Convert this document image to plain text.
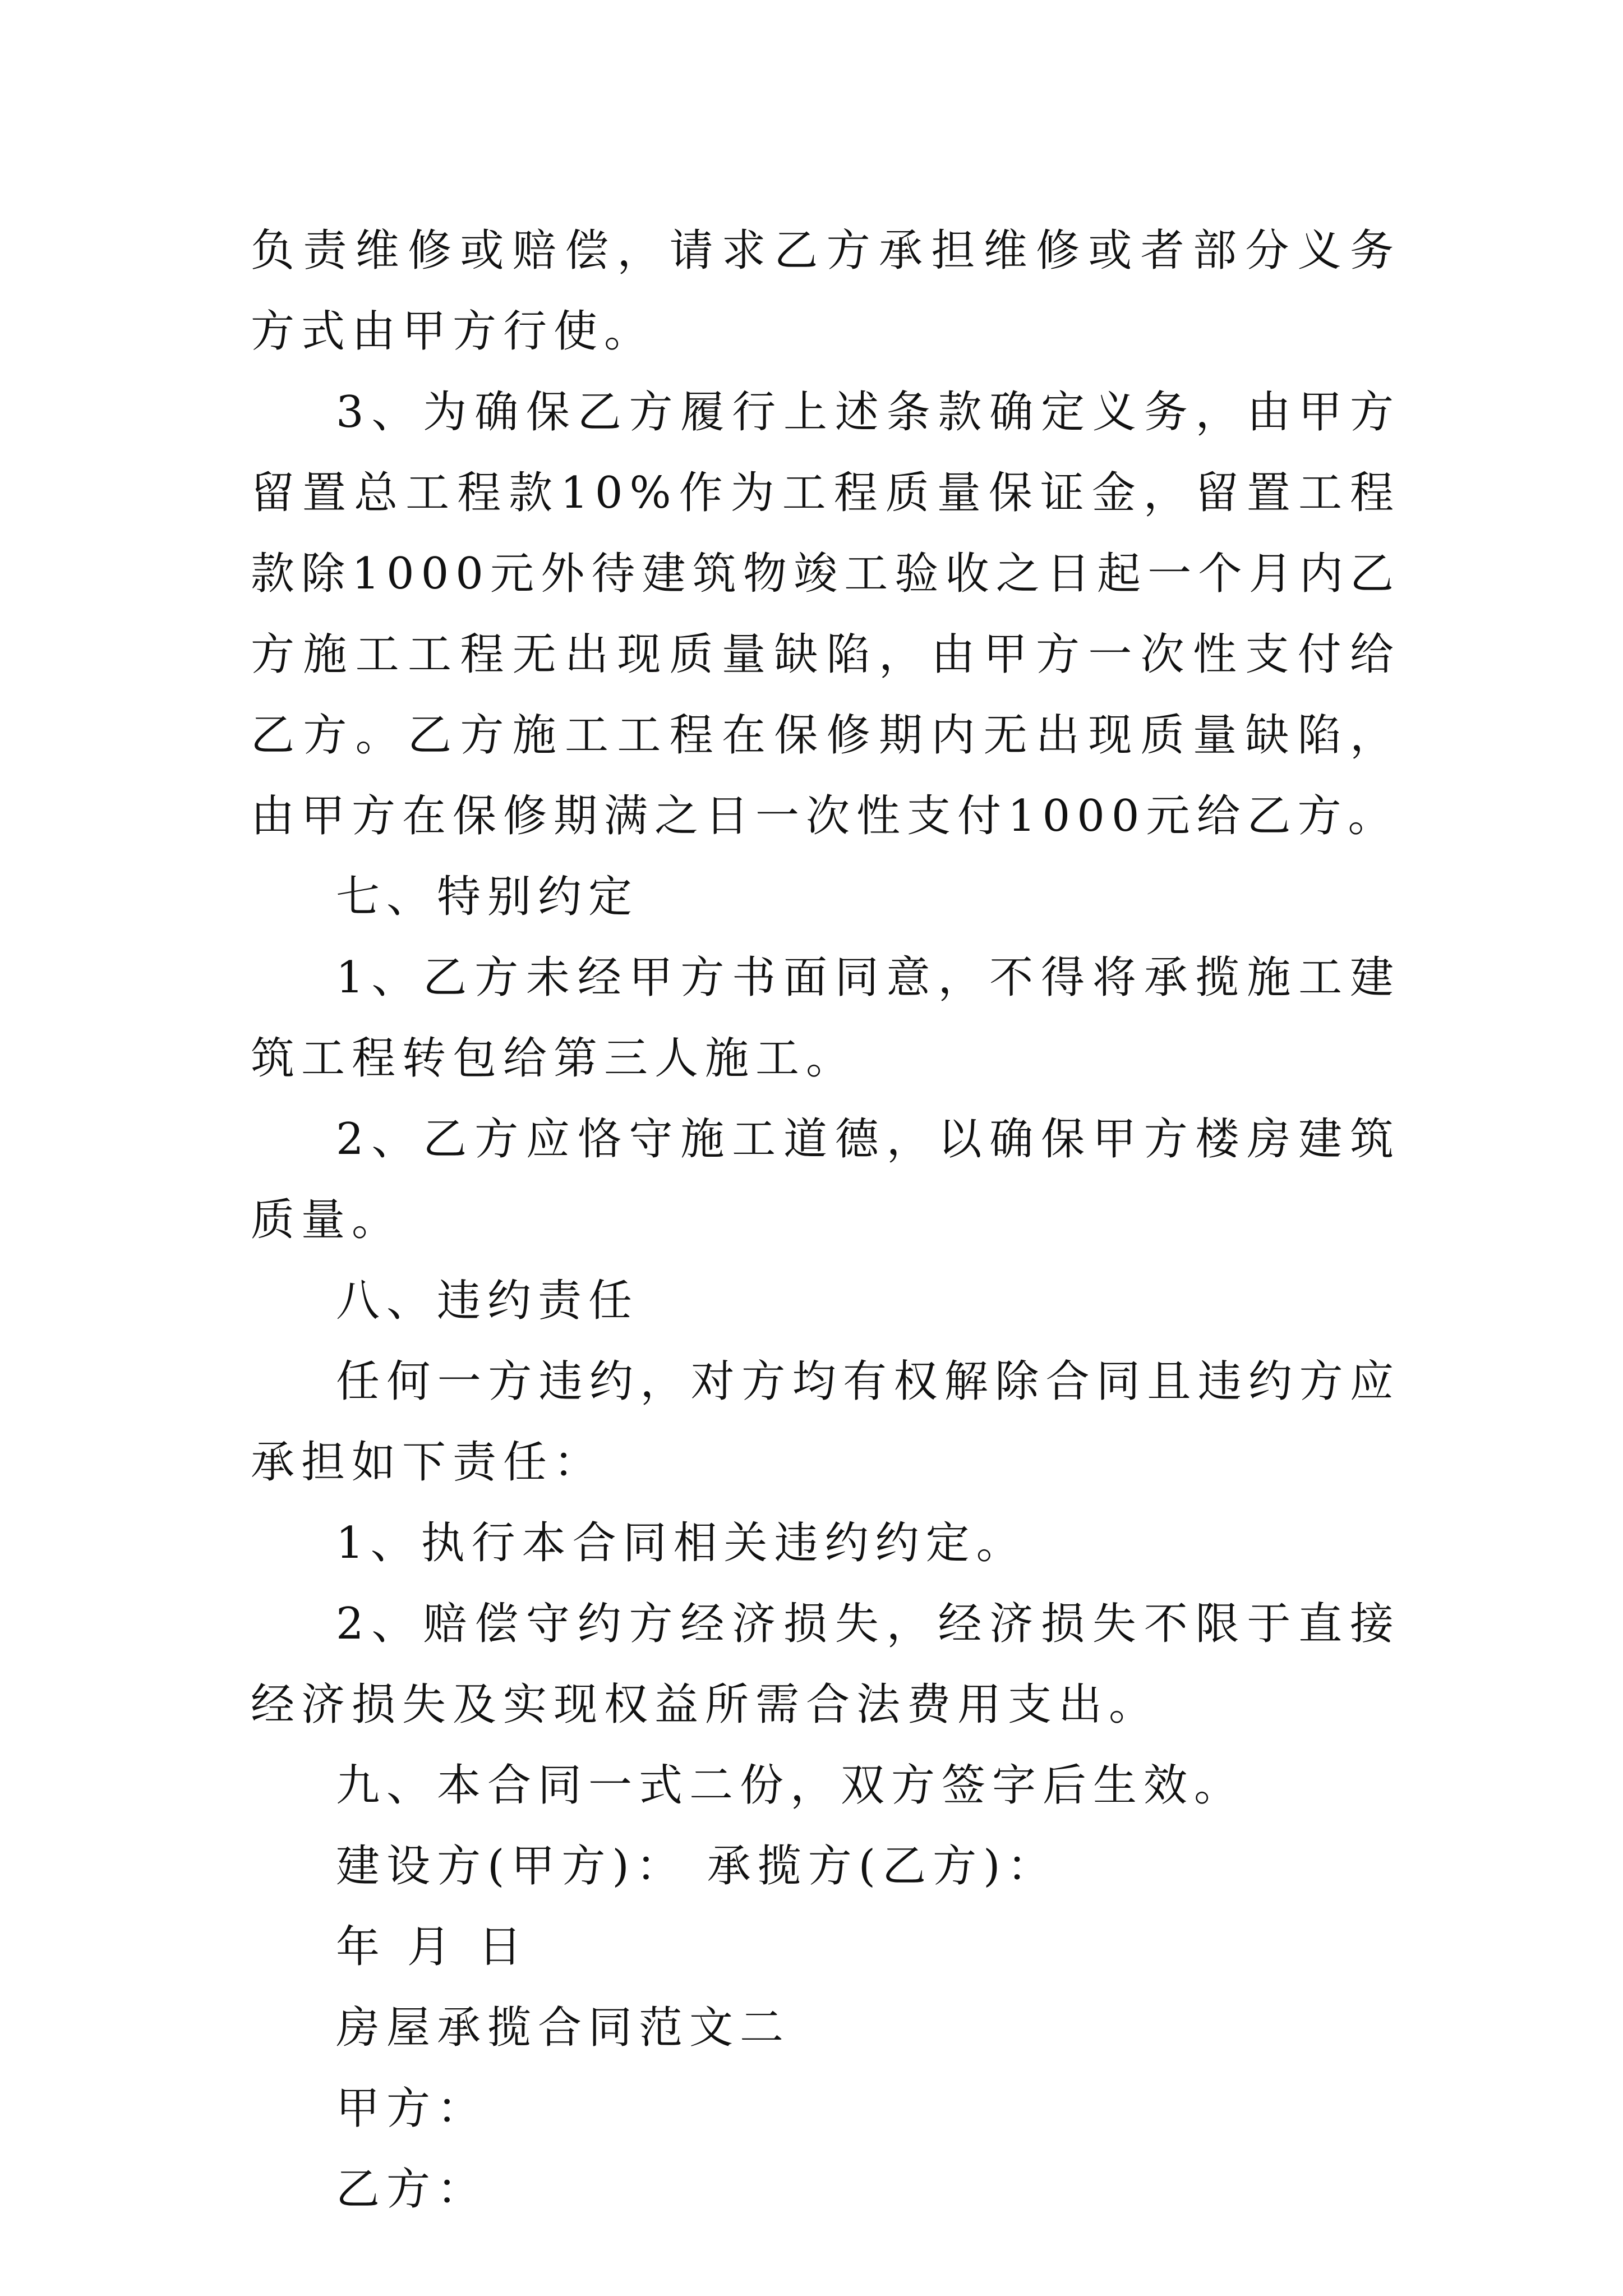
负责维修或赔偿，请求乙方承担维修或者部分义务方式由甲方行使。

3、为确保乙方履行上述条款确定义务，由甲方留置总工程款10%作为工程质量保证金，留置工程款除1000元外待建筑物竣工验收之日起一个月内乙方施工工程无出现质量缺陷，由甲方一次性支付给乙方。乙方施工工程在保修期内无出现质量缺陷，由甲方在保修期满之日一次性支付1000元给乙方。

七、特别约定

1、乙方未经甲方书面同意，不得将承揽施工建筑工程转包给第三人施工。

2、乙方应恪守施工道德，以确保甲方楼房建筑质量。

八、违约责任

任何一方违约，对方均有权解除合同且违约方应承担如下责任：

1、执行本合同相关违约约定。

2、赔偿守约方经济损失，经济损失不限于直接经济损失及实现权益所需合法费用支出。

九、本合同一式二份，双方签字后生效。

建设方(甲方)： 承揽方(乙方)：

年 月 日

房屋承揽合同范文二

甲方：

乙方：
